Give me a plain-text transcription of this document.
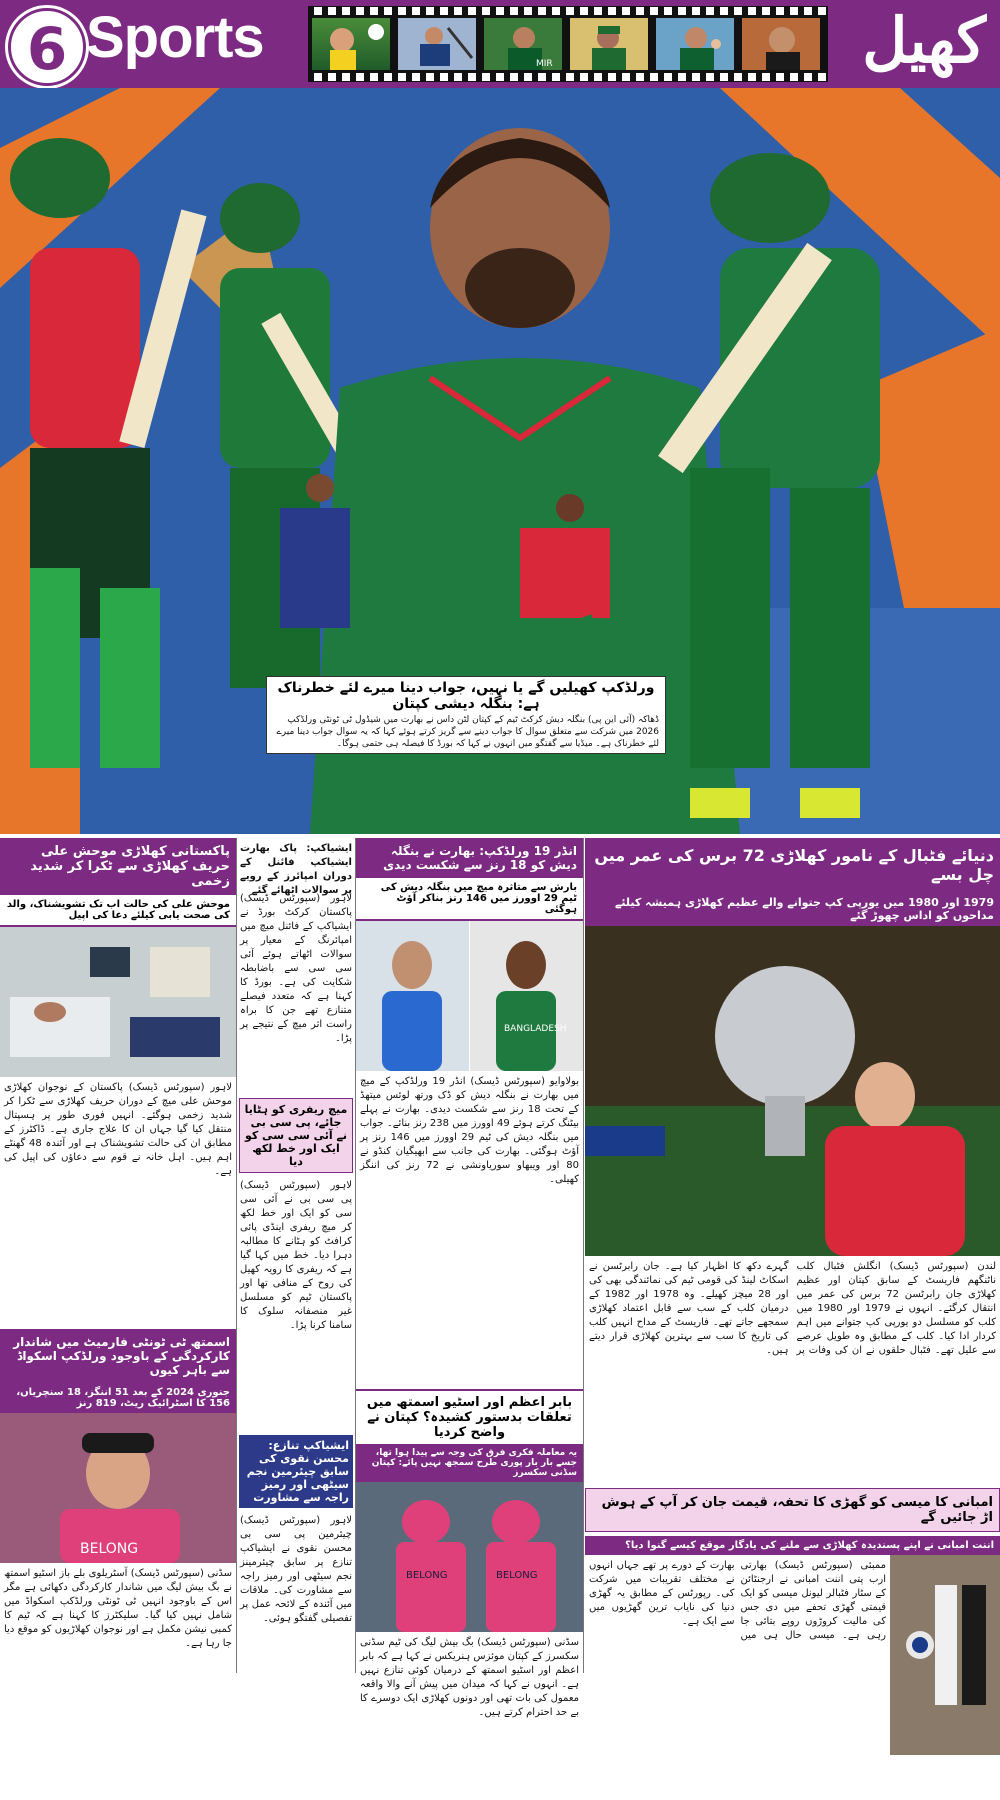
6 Sports	MIR	کھیل
ورلڈکپ کھیلیں گے یا نہیں، جواب دینا میرے لئے خطرناک ہے: بنگلہ دیشی کپتان
ڈھاکہ (آئی این پی) بنگلہ دیش کرکٹ ٹیم کے کپتان لٹن داس نے بھارت میں شیڈول ٹی ٹونٹی ورلڈکپ 2026 میں شرکت سے متعلق سوال کا جواب دینے سے گریز کرتے ہوئے کہا کہ یہ سوال جواب دینا میرے لئے خطرناک ہے۔ میڈیا سے گفتگو میں انہوں نے کہا کہ بورڈ کا فیصلہ ہی حتمی ہوگا۔
پاکستانی کھلاڑی موحش علی حریف کھلاڑی سے ٹکرا کر شدید زخمی
موحش علی کی حالت اب تک تشویشناک، والد کی صحت یابی کیلئے دعا کی اپیل
لاہور (سپورٹس ڈیسک) پاکستان کے نوجوان کھلاڑی موحش علی میچ کے دوران حریف کھلاڑی سے ٹکرا کر شدید زخمی ہوگئے۔ انہیں فوری طور پر ہسپتال منتقل کیا گیا جہاں ان کا علاج جاری ہے۔ ڈاکٹرز کے مطابق ان کی حالت تشویشناک ہے اور آئندہ 48 گھنٹے اہم ہیں۔ اہل خانہ نے قوم سے دعاؤں کی اپیل کی ہے۔
اسمتھ ٹی ٹونٹی فارمیٹ میں شاندار کارکردگی کے باوجود ورلڈکپ اسکواڈ سے باہر کیوں
جنوری 2024 کے بعد 51 اننگز، 18 سنچریاں، 156 کا اسٹرائیک ریٹ، 819 رنز
BELONG
سڈنی (سپورٹس ڈیسک) آسٹریلوی بلے باز اسٹیو اسمتھ نے بگ بیش لیگ میں شاندار کارکردگی دکھائی ہے مگر اس کے باوجود انہیں ٹی ٹونٹی ورلڈکپ اسکواڈ میں شامل نہیں کیا گیا۔ سلیکٹرز کا کہنا ہے کہ ٹیم کا کمبی نیشن مکمل ہے اور نوجوان کھلاڑیوں کو موقع دیا جا رہا ہے۔
ایشیاکپ: پاک بھارت ایشیاکپ فائنل کے دوران امپائرز کے رویے پر سوالات اٹھائے گئے
لاہور (سپورٹس ڈیسک) پاکستان کرکٹ بورڈ نے ایشیاکپ کے فائنل میچ میں امپائرنگ کے معیار پر سوالات اٹھاتے ہوئے آئی سی سی سے باضابطہ شکایت کی ہے۔ بورڈ کا کہنا ہے کہ متعدد فیصلے متنازع تھے جن کا براہ راست اثر میچ کے نتیجے پر پڑا۔
میچ ریفری کو ہٹایا جائے، پی سی بی نے آئی سی سی کو ایک اور خط لکھ دیا
لاہور (سپورٹس ڈیسک) پی سی بی نے آئی سی سی کو ایک اور خط لکھ کر میچ ریفری اینڈی پائی کرافٹ کو ہٹانے کا مطالبہ دہرا دیا۔ خط میں کہا گیا ہے کہ ریفری کا رویہ کھیل کی روح کے منافی تھا اور پاکستان ٹیم کو مسلسل غیر منصفانہ سلوک کا سامنا کرنا پڑا۔
ایشیاکپ تنازع: محسن نقوی کی سابق چیئرمین نجم سیٹھی اور رمیز راجہ سے مشاورت
لاہور (سپورٹس ڈیسک) چیئرمین پی سی بی محسن نقوی نے ایشیاکپ تنازع پر سابق چیئرمینز نجم سیٹھی اور رمیز راجہ سے مشاورت کی۔ ملاقات میں آئندہ کے لائحہ عمل پر تفصیلی گفتگو ہوئی۔
انڈر 19 ورلڈکپ: بھارت نے بنگلہ دیش کو 18 رنز سے شکست دیدی
بارش سے متاثرہ میچ میں بنگلہ دیش کی ٹیم 29 اوورز میں 146 رنز بناکر آؤٹ ہوگئی
BANGLADESH
بولاوایو (سپورٹس ڈیسک) انڈر 19 ورلڈکپ کے میچ میں بھارت نے بنگلہ دیش کو ڈک ورتھ لوئس میتھڈ کے تحت 18 رنز سے شکست دیدی۔ بھارت نے پہلے بیٹنگ کرتے ہوئے 49 اوورز میں 238 رنز بنائے۔ جواب میں بنگلہ دیش کی ٹیم 29 اوورز میں 146 رنز پر آؤٹ ہوگئی۔ بھارت کی جانب سے ابھیگیان کنڈو نے 80 اور ویبھاو سوریاونشی نے 72 رنز کی اننگز کھیلی۔
بابر اعظم اور اسٹیو اسمتھ میں تعلقات بدستور کشیدہ؟ کپتان نے واضح کردیا
یہ معاملہ فکری فرق کی وجہ سے پیدا ہوا تھا، جسے بار بار پوری طرح سمجھ نہیں پائے: کپتان سڈنی سکسرز
BELONG	BELONG
سڈنی (سپورٹس ڈیسک) بگ بیش لیگ کی ٹیم سڈنی سکسرز کے کپتان موئزس ہنریکس نے کہا ہے کہ بابر اعظم اور اسٹیو اسمتھ کے درمیان کوئی تنازع نہیں ہے۔ انہوں نے کہا کہ میدان میں پیش آنے والا واقعہ معمول کی بات تھی اور دونوں کھلاڑی ایک دوسرے کا بے حد احترام کرتے ہیں۔
دنیائے فٹبال کے نامور کھلاڑی 72 برس کی عمر میں چل بسے
1979 اور 1980 میں یورپی کپ جتوانے والے عظیم کھلاڑی ہمیشہ کیلئے مداحوں کو اداس چھوڑ گئے
لندن (سپورٹس ڈیسک) انگلش فٹبال کلب ناٹنگھم فاریسٹ کے سابق کپتان اور عظیم کھلاڑی جان رابرٹسن 72 برس کی عمر میں انتقال کرگئے۔ انہوں نے 1979 اور 1980 میں کلب کو مسلسل دو یورپی کپ جتوانے میں اہم کردار ادا کیا۔ کلب کے مطابق وہ طویل عرصے سے علیل تھے۔ فٹبال حلقوں نے ان کی وفات پر گہرے دکھ کا اظہار کیا ہے۔ جان رابرٹسن نے اسکاٹ لینڈ کی قومی ٹیم کی نمائندگی بھی کی اور 28 میچز کھیلے۔ وہ 1978 اور 1982 کے درمیان کلب کے سب سے قابل اعتماد کھلاڑی سمجھے جاتے تھے۔ فاریسٹ کے مداح انہیں کلب کی تاریخ کا سب سے بہترین کھلاڑی قرار دیتے ہیں۔
امبانی کا میسی کو گھڑی کا تحفہ، قیمت جان کر آپ کے ہوش اڑ جائیں گے
اننت امبانی نے اپنے پسندیدہ کھلاڑی سے ملنے کی یادگار موقع کیسے گنوا دیا؟
ممبئی (سپورٹس ڈیسک) بھارتی ارب پتی اننت امبانی نے ارجنٹائن کے سٹار فٹبالر لیونل میسی کو ایک قیمتی گھڑی تحفے میں دی جس کی مالیت کروڑوں روپے بتائی جا رہی ہے۔ میسی حال ہی میں بھارت کے دورے پر تھے جہاں انہوں نے مختلف تقریبات میں شرکت کی۔ رپورٹس کے مطابق یہ گھڑی دنیا کی نایاب ترین گھڑیوں میں سے ایک ہے۔
